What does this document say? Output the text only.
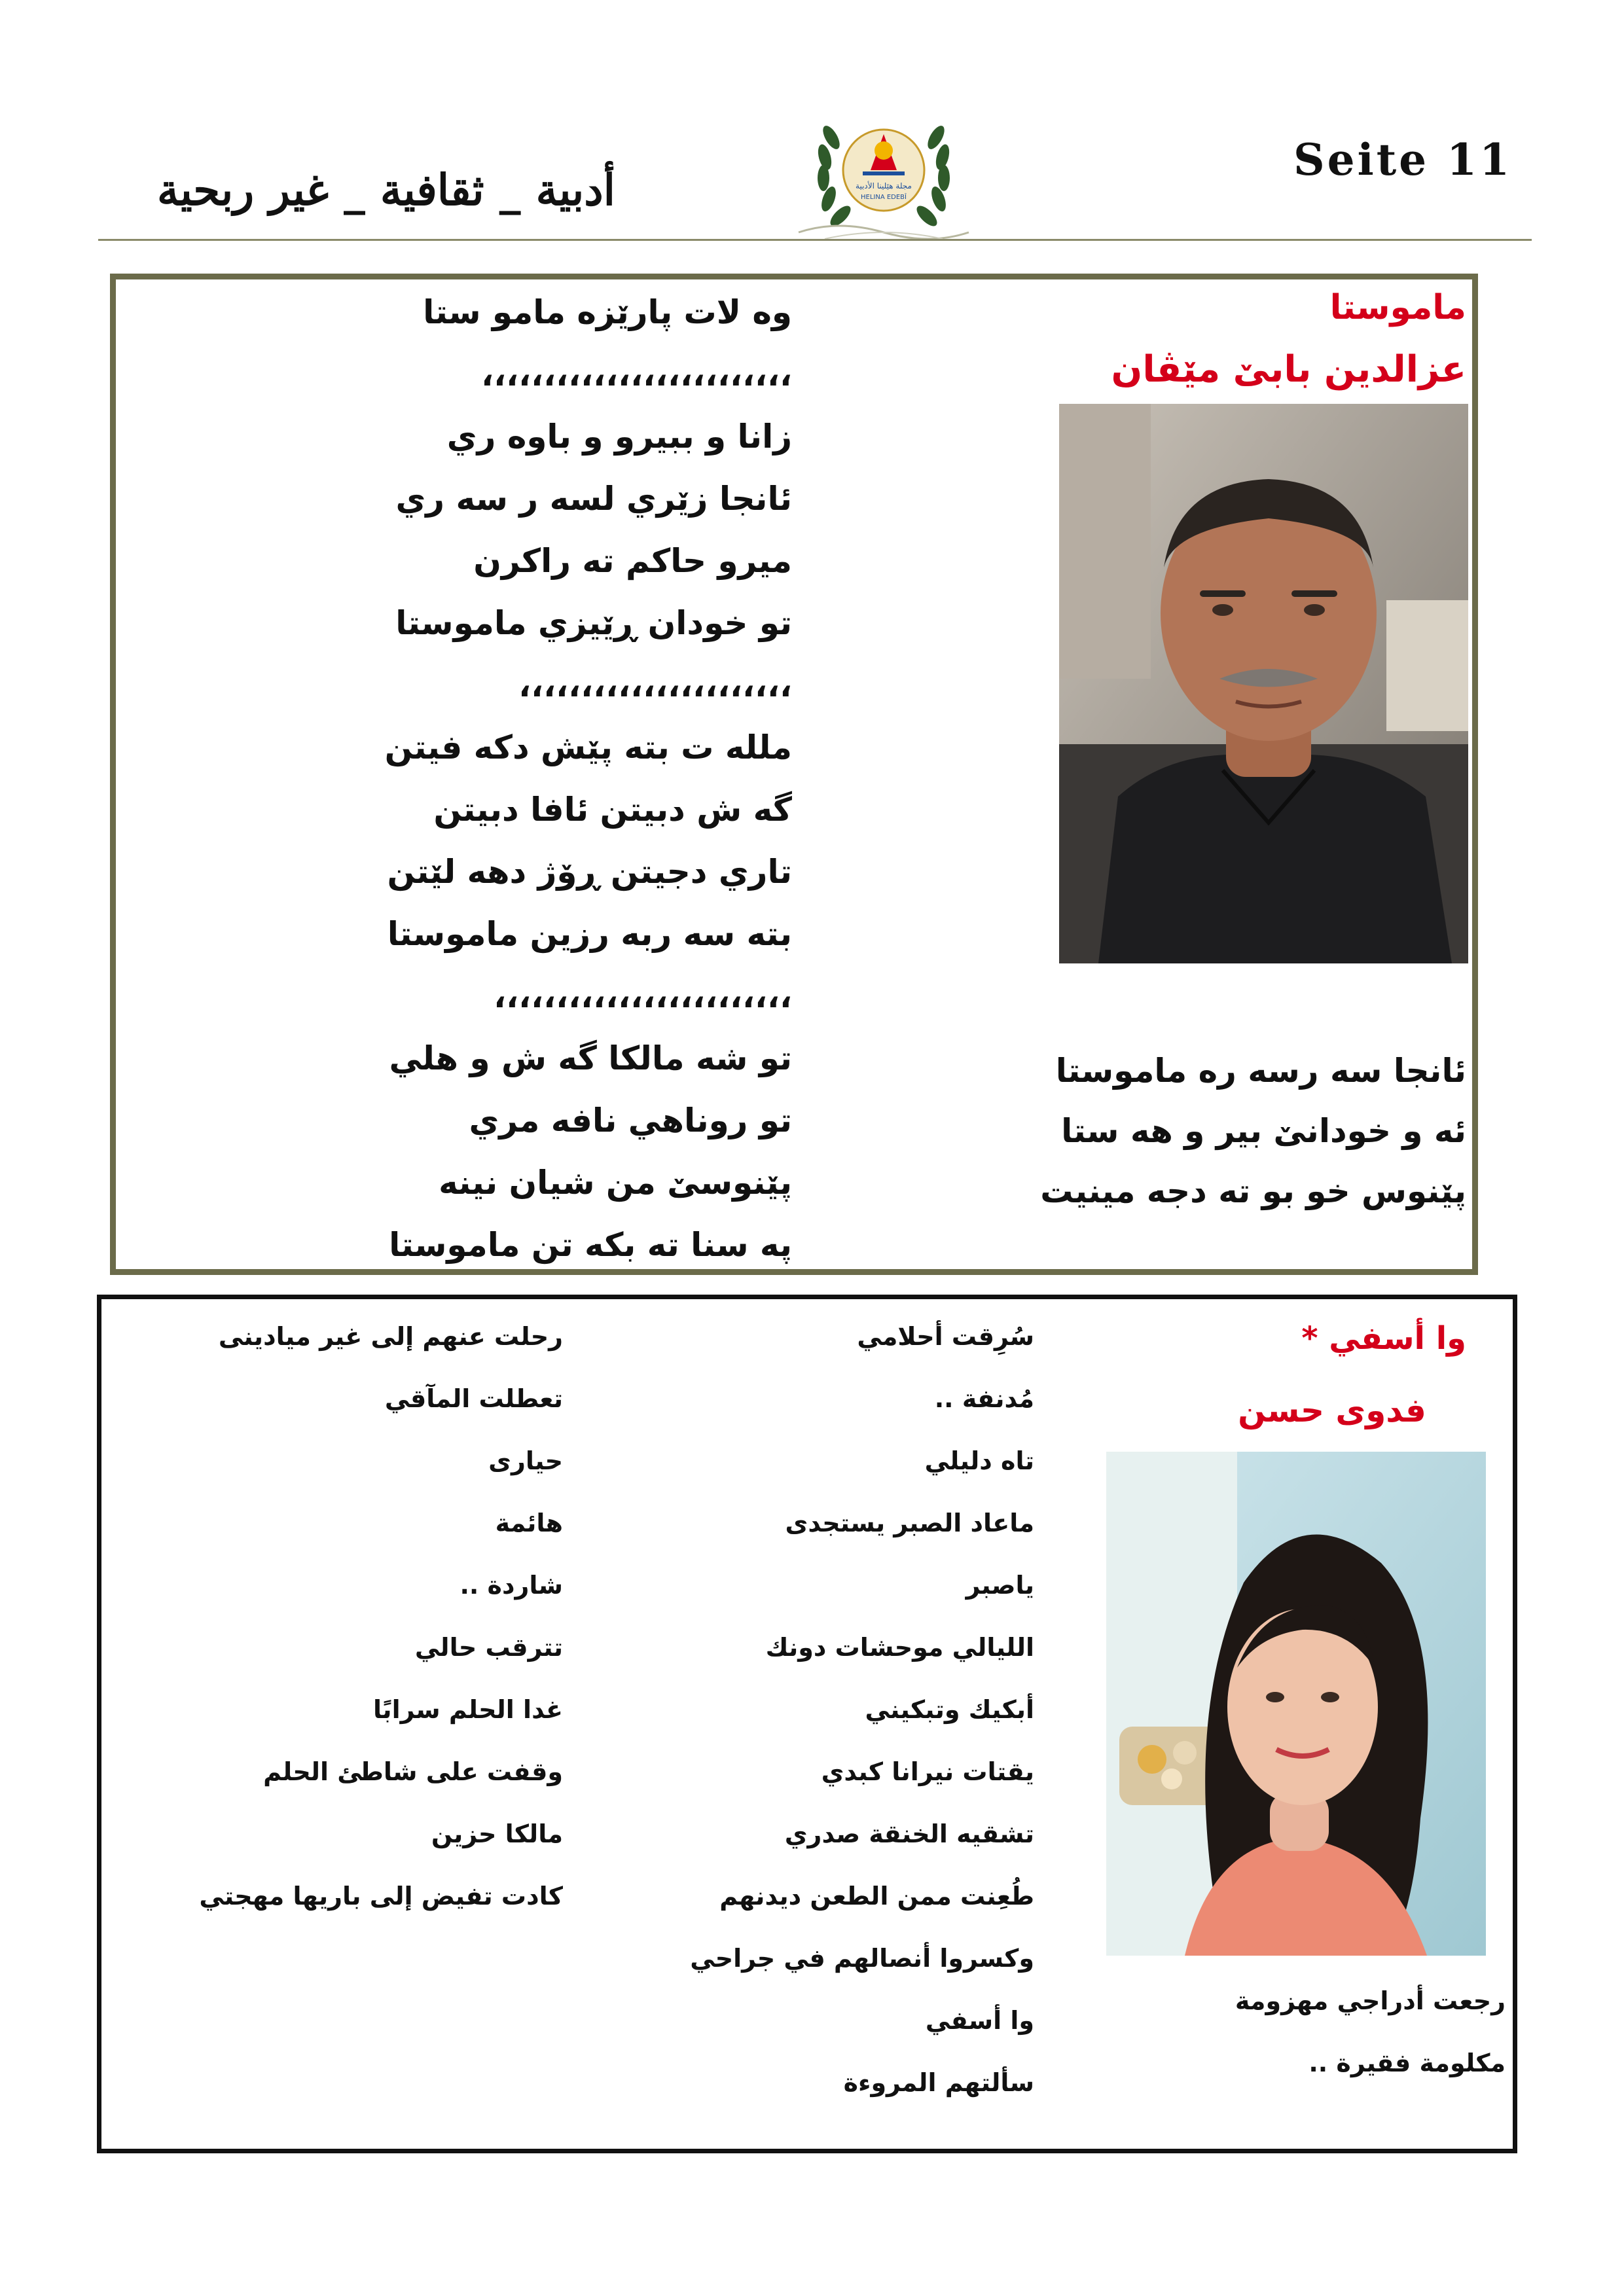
أدبية _ ثقافية _ غير ربحية	مجلة هێلینا الأدبیة
HELINA EDEBÎ
Seite 11
وه لات پارێزه مامو ستا
،،،،،،،،،،،،،،،،،،،،،،،،،
زانا و ببيرو و باوه ري
ئانجا زێري لسه ر سه ري
ميرو حاكم ته راكرن
تو خودان ڕێيزي ماموستا
،،،،،،،،،،،،،،،،،،،،،،
مللە ت بتە پێش دكە فيتن
گە ش دبيتن ئافا دبيتن
تاري دجيتن ڕۆژ دهه لێتن
بته سه ربه رزين ماموستا
،،،،،،،،،،،،،،،،،،،،،،،،
تو شه مالكا گه ش و هلي
تو روناهي نافه مري
پێنوسێ من شيان نينه
پە سنا تە بكە تن ماموستا
ماموستا
عزالدين بابێ مێڤان
ئانجا سه رسه ره ماموستا
ئه و خودانێ بير و هه ستا
پێنوس خو بو ته دجه مينيت
وا أسفي *
فدوى حسن
رجعت أدراجي مهزومة
مكلومة فقيرة ..
سُرِقت أحلامي
مُدنفة ..
تاه دليلي
ماعاد الصبر يستجدى
ياصبر
الليالي موحشات دونك
أبكيك وتبكيني
يقتات نيرانا كبدي
تشقيه الخنقة صدري
طُعِنت ممن الطعن ديدنهم
وكسروا أنصالهم في جراحي
وا أسفي
سألتهم المروءة
رحلت عنهم إلى غير ميادينى
تعطلت المآقي
حيارى
هائمة
شاردة ..
تترقب حالي
غدا الحلم سرابًا
وقفت على شاطئ الحلم
مالكا حزين
كادت تفيض إلى باريها مهجتي
